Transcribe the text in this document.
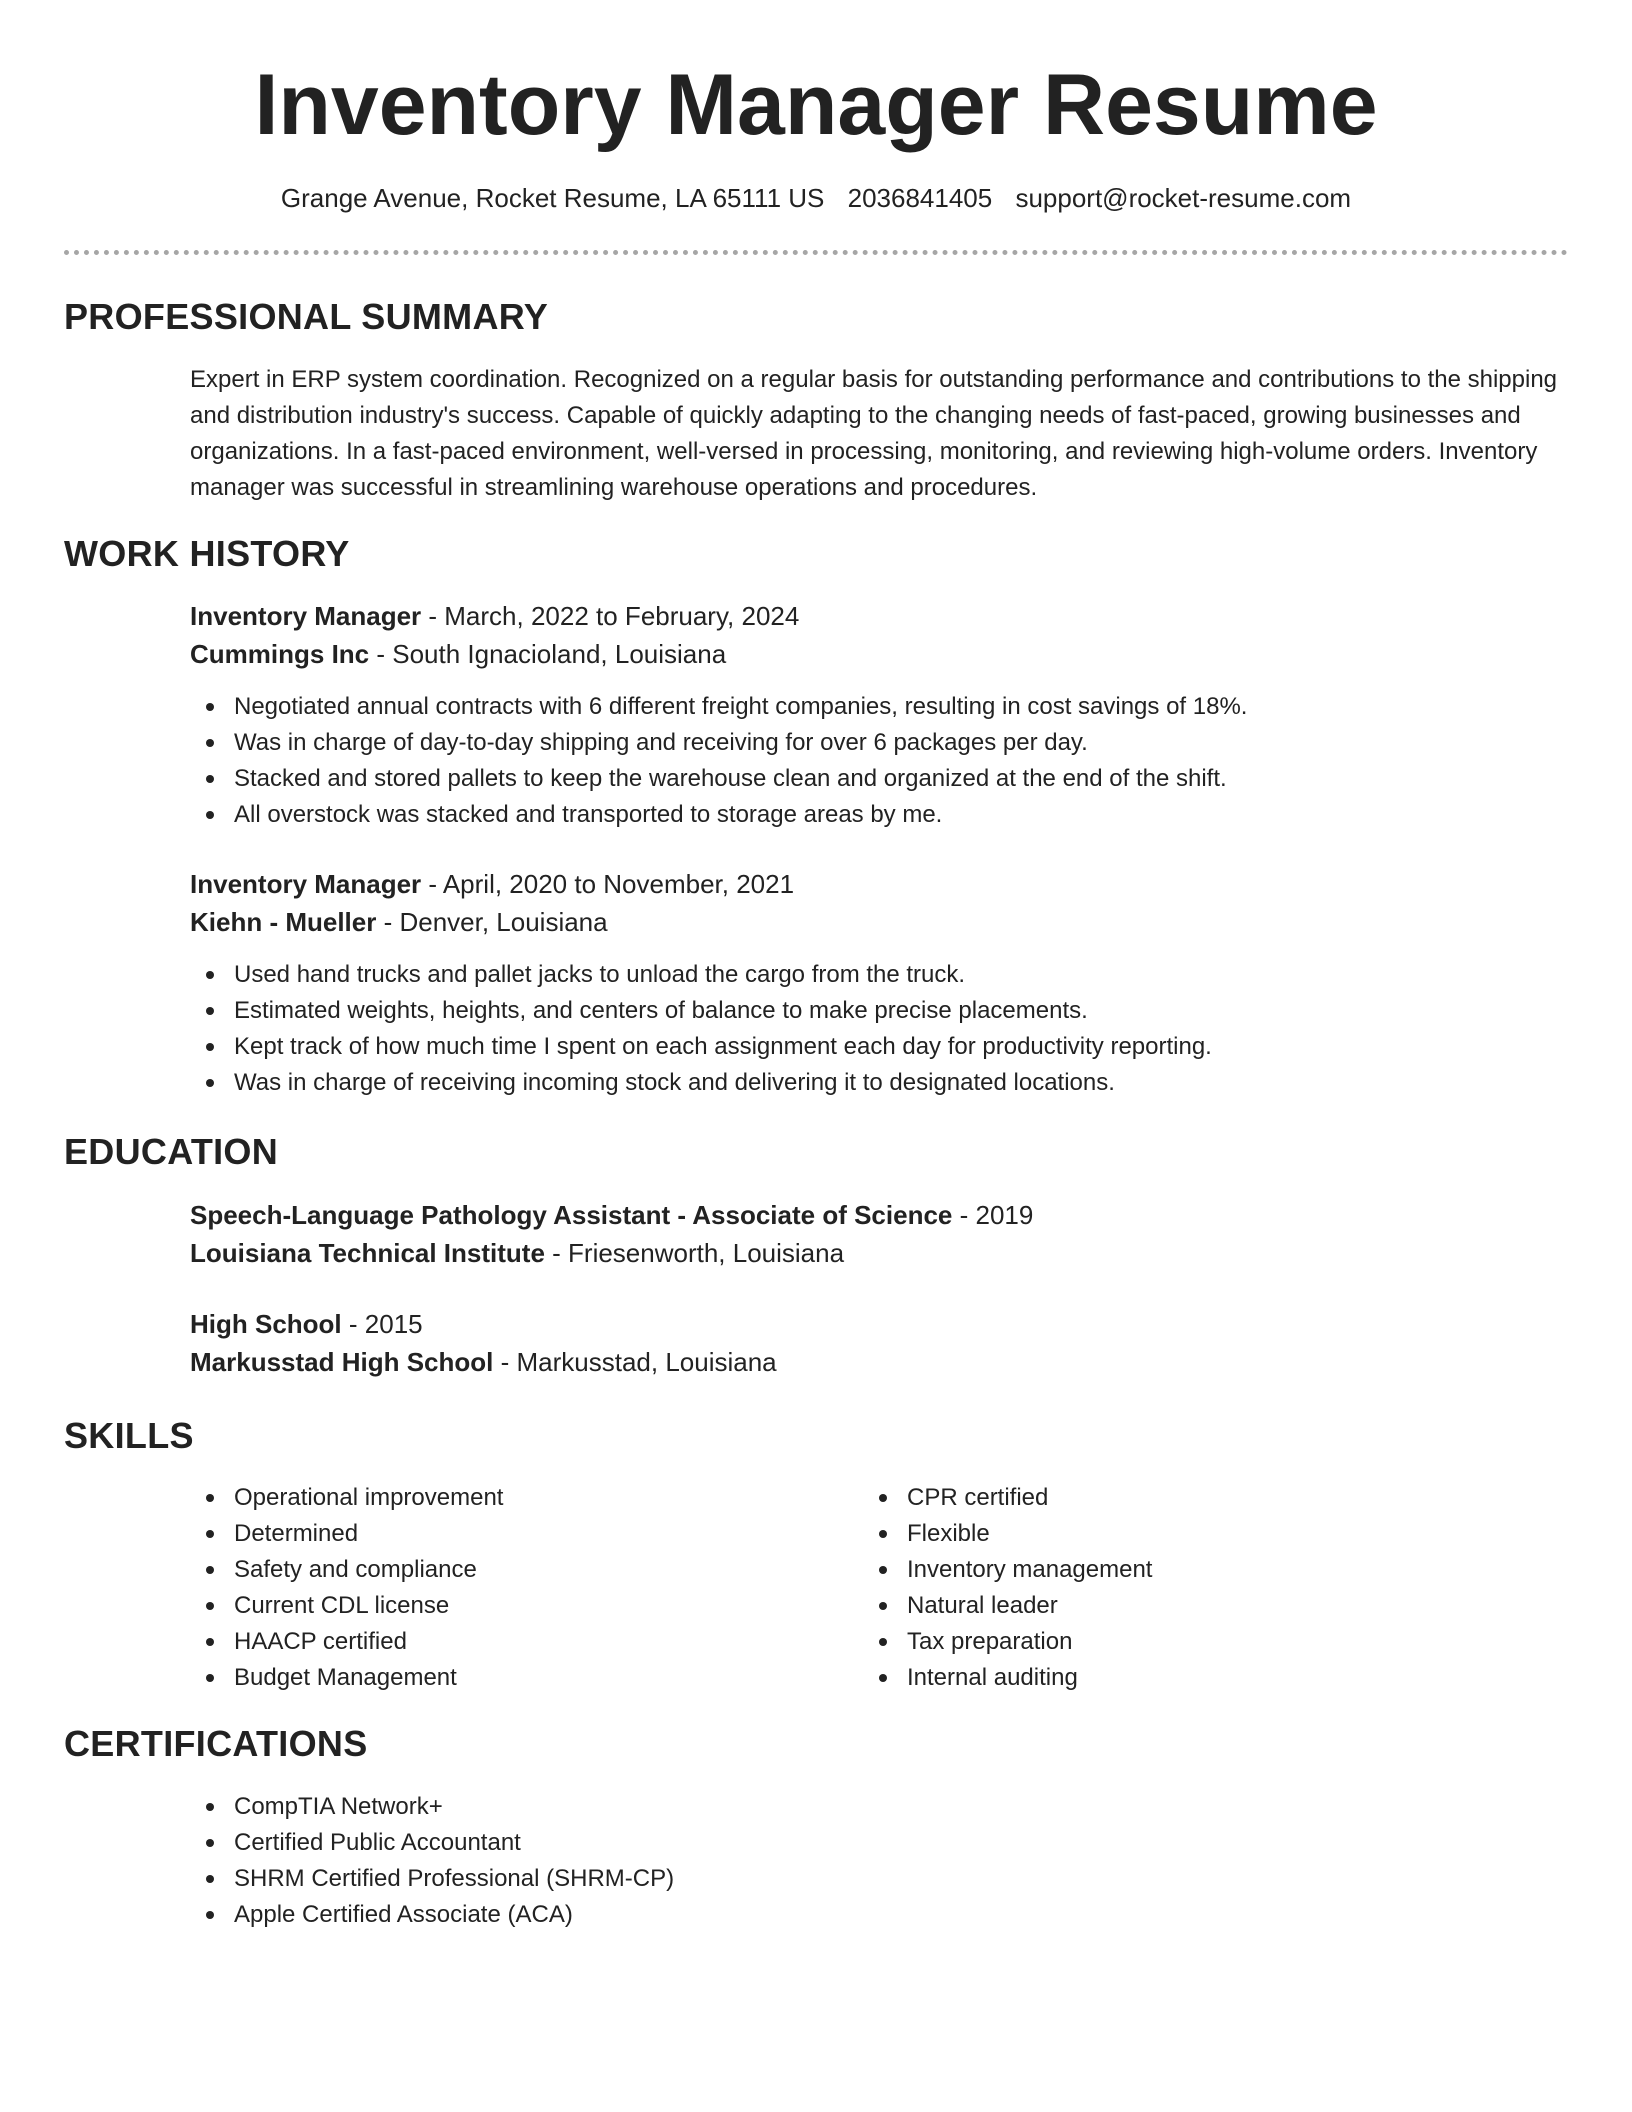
Inventory Manager Resume
Grange Avenue, Rocket Resume, LA 65111 US 2036841405 support@rocket-resume.com
PROFESSIONAL SUMMARY

Expert in ERP system coordination. Recognized on a regular basis for outstanding performance and contributions to the shipping and distribution industry's success. Capable of quickly adapting to the changing needs of fast-paced, growing businesses and organizations. In a fast-paced environment, well-versed in processing, monitoring, and reviewing high-volume orders. Inventory manager was successful in streamlining warehouse operations and procedures.

WORK HISTORY
Inventory Manager - March, 2022 to February, 2024
Cummings Inc - South Ignacioland, Louisiana
Negotiated annual contracts with 6 different freight companies, resulting in cost savings of 18%.
Was in charge of day-to-day shipping and receiving for over 6 packages per day.
Stacked and stored pallets to keep the warehouse clean and organized at the end of the shift.
All overstock was stacked and transported to storage areas by me.
Inventory Manager - April, 2020 to November, 2021
Kiehn - Mueller - Denver, Louisiana
Used hand trucks and pallet jacks to unload the cargo from the truck.
Estimated weights, heights, and centers of balance to make precise placements.
Kept track of how much time I spent on each assignment each day for productivity reporting.
Was in charge of receiving incoming stock and delivering it to designated locations.
EDUCATION
Speech-Language Pathology Assistant - Associate of Science - 2019
Louisiana Technical Institute - Friesenworth, Louisiana
High School - 2015
Markusstad High School - Markusstad, Louisiana
SKILLS
Operational improvement
Determined
Safety and compliance
Current CDL license
HAACP certified
Budget Management
CPR certified
Flexible
Inventory management
Natural leader
Tax preparation
Internal auditing
CERTIFICATIONS
CompTIA Network+
Certified Public Accountant
SHRM Certified Professional (SHRM-CP)
Apple Certified Associate (ACA)
